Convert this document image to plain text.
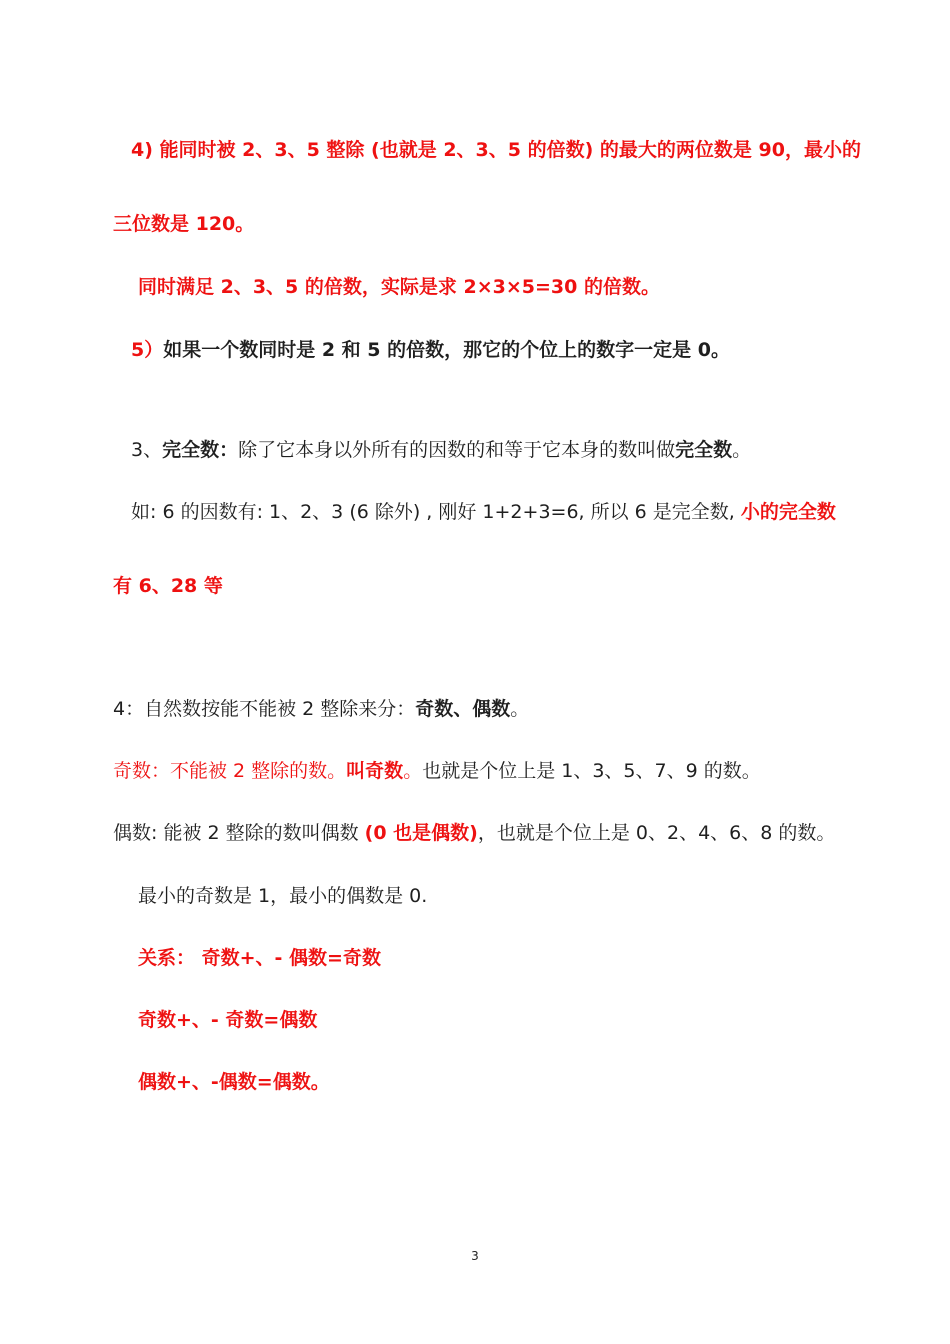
4) 能同时被 2、3、5 整除 (也就是 2、3、5 的倍数) 的最大的两位数是 90，最小的
三位数是 120。
同时满足 2、3、5 的倍数，实际是求 2×3×5=30 的倍数。
5）如果一个数同时是 2 和 5 的倍数，那它的个位上的数字一定是 0。
3、完全数：除了它本身以外所有的因数的和等于它本身的数叫做完全数。
如: 6 的因数有: 1、2、3 (6 除外) , 刚好 1+2+3=6, 所以 6 是完全数, 小的完全数
有 6、28 等
4：自然数按能不能被 2 整除来分：奇数、偶数。
奇数：不能被 2 整除的数。叫奇数。也就是个位上是 1、3、5、7、9 的数。
偶数: 能被 2 整除的数叫偶数 (0 也是偶数)，也就是个位上是 0、2、4、6、8 的数。
最小的奇数是 1，最小的偶数是 0.
关系： 奇数+、- 偶数=奇数
奇数+、- 奇数=偶数
偶数+、-偶数=偶数。
3
